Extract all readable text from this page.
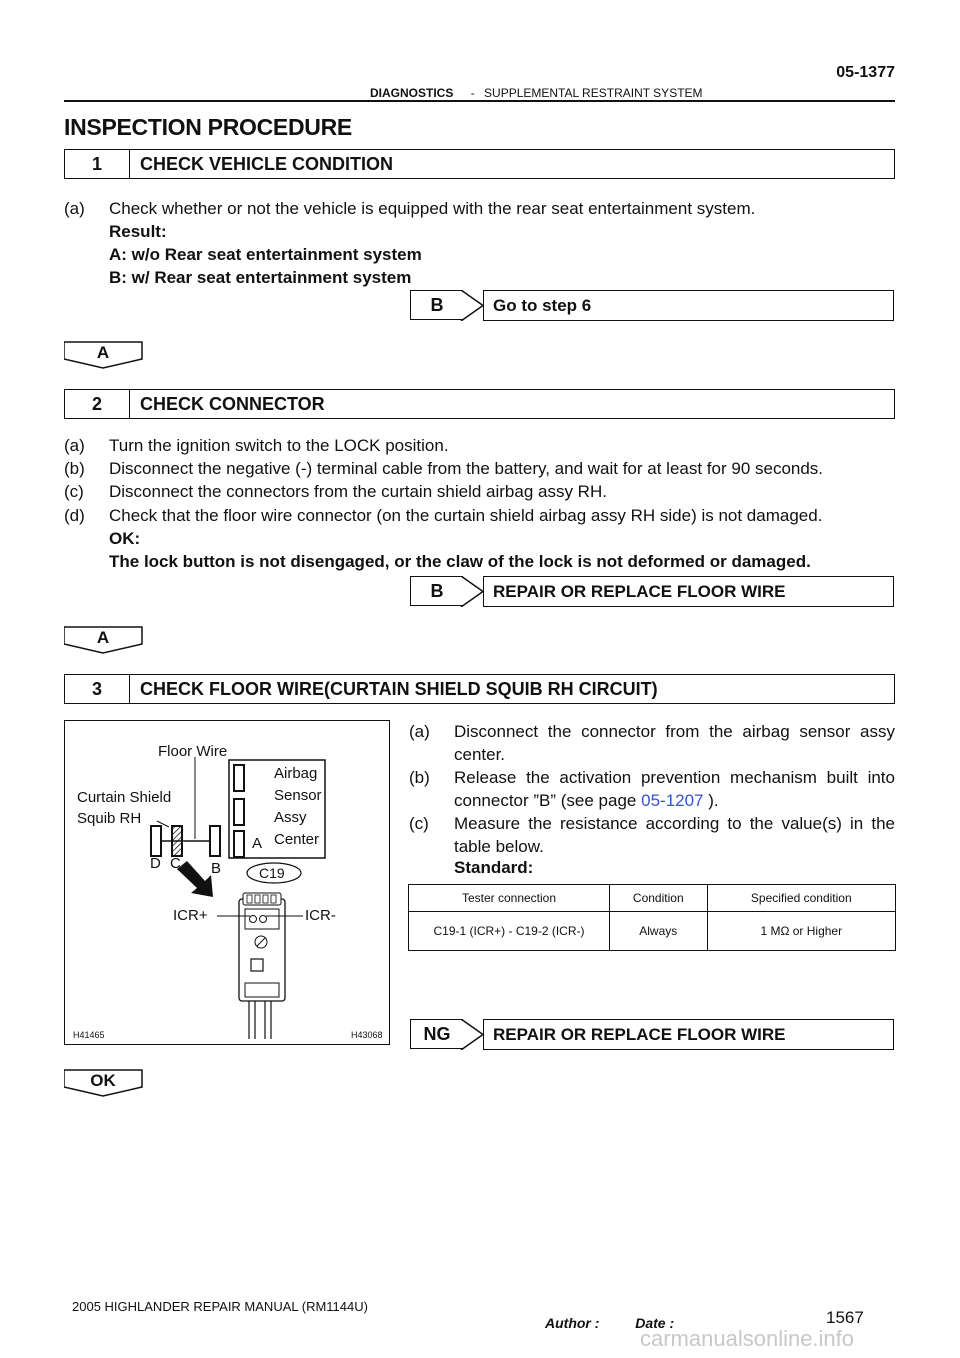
05-1377
DIAGNOSTICS - SUPPLEMENTAL RESTRAINT SYSTEM
INSPECTION PROCEDURE
1	CHECK VEHICLE CONDITION
(a) Check whether or not the vehicle is equipped with the rear seat entertainment system.
Result:
A: w/o Rear seat entertainment system
B: w/ Rear seat entertainment system
B	Go to step 6
A
2	CHECK CONNECTOR
(a) Turn the ignition switch to the LOCK position.
(b) Disconnect the negative (-) terminal cable from the battery, and wait for at least for 90 seconds.
(c) Disconnect the connectors from the curtain shield airbag assy RH.
(d) Check that the floor wire connector (on the curtain shield airbag assy RH side) is not damaged.
OK:
The lock button is not disengaged, or the claw of the lock is not deformed or damaged.
B	REPAIR OR REPLACE FLOOR WIRE
A
3	CHECK FLOOR WIRE(CURTAIN SHIELD SQUIB RH CIRCUIT)
Floor Wire
Curtain Shield
Squib RH
Airbag
Sensor
Assy
Center
A
D C B	C19
ICR+	ICR-
H41465	H43068
(a) Disconnect the connector from the airbag sensor assy center.
(b) Release the activation prevention mechanism built into connector ”B” (see page 05-1207 ).
(c) Measure the resistance according to the value(s) in the table below.
Standard:
Tester connection	Condition	Specified condition
C19-1 (ICR+) - C19-2 (ICR-)	Always	1 MΩ or Higher
NG	REPAIR OR REPLACE FLOOR WIRE
OK
2005 HIGHLANDER REPAIR MANUAL (RM1144U)
Author :	Date :	1567
carmanualsonline.info
